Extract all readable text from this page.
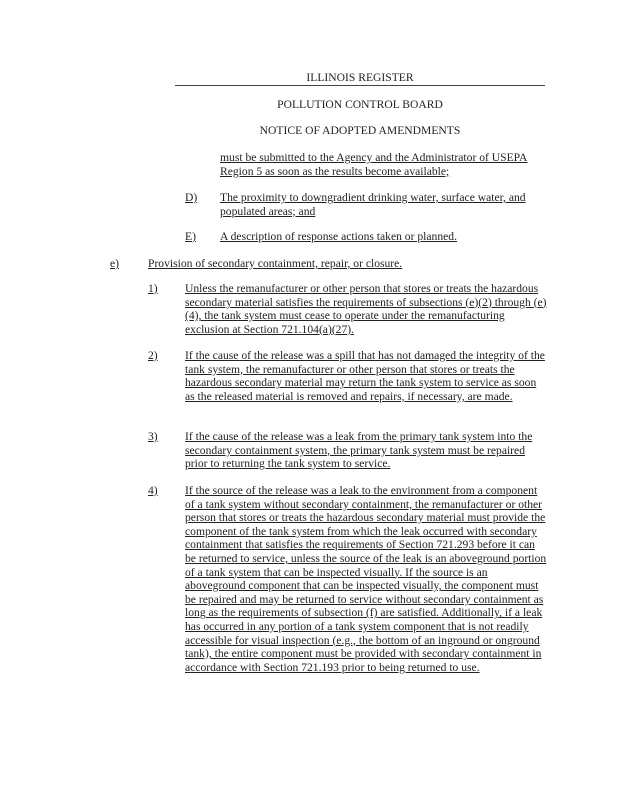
ILLINOIS REGISTER
POLLUTION CONTROL BOARD
NOTICE OF ADOPTED AMENDMENTS
must be submitted to the Agency and the Administrator of USEPA Region 5 as soon as the results become available;
D) The proximity to downgradient drinking water, surface water, and populated areas; and
E) A description of response actions taken or planned.
e) Provision of secondary containment, repair, or closure.
1) Unless the remanufacturer or other person that stores or treats the hazardous secondary material satisfies the requirements of subsections (e)(2) through (e)(4), the tank system must cease to operate under the remanufacturing exclusion at Section 721.104(a)(27).
2) If the cause of the release was a spill that has not damaged the integrity of the tank system, the remanufacturer or other person that stores or treats the hazardous secondary material may return the tank system to service as soon as the released material is removed and repairs, if necessary, are made.
3) If the cause of the release was a leak from the primary tank system into the secondary containment system, the primary tank system must be repaired prior to returning the tank system to service.
4) If the source of the release was a leak to the environment from a component of a tank system without secondary containment, the remanufacturer or other person that stores or treats the hazardous secondary material must provide the component of the tank system from which the leak occurred with secondary containment that satisfies the requirements of Section 721.293 before it can be returned to service, unless the source of the leak is an aboveground portion of a tank system that can be inspected visually. If the source is an aboveground component that can be inspected visually, the component must be repaired and may be returned to service without secondary containment as long as the requirements of subsection (f) are satisfied. Additionally, if a leak has occurred in any portion of a tank system component that is not readily accessible for visual inspection (e.g., the bottom of an inground or onground tank), the entire component must be provided with secondary containment in accordance with Section 721.193 prior to being returned to use.
